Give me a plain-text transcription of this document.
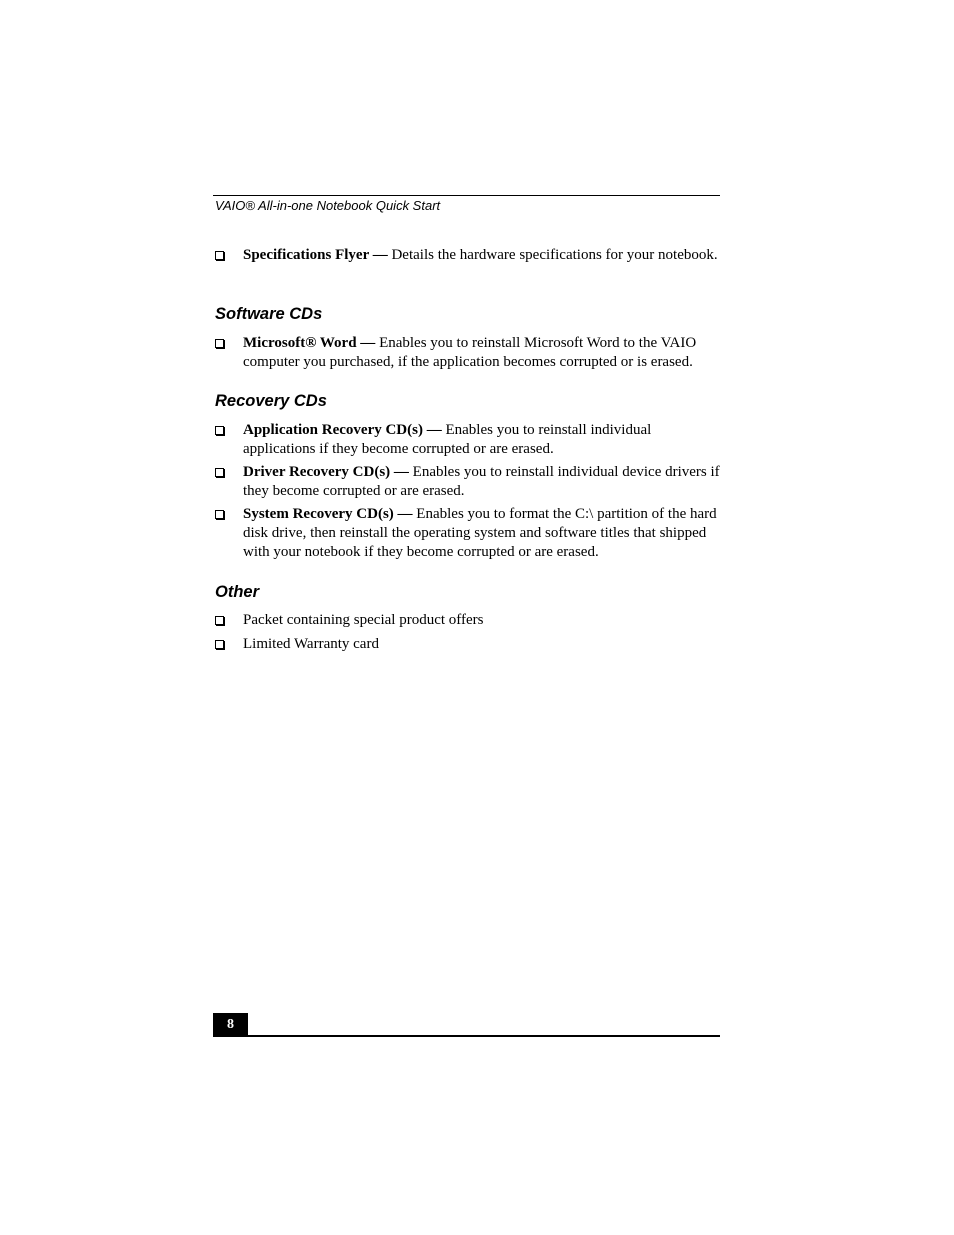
VAIO® All-in-one Notebook Quick Start
Specifications Flyer — Details the hardware specifications for your notebook.
Software CDs
Microsoft® Word — Enables you to reinstall Microsoft Word to the VAIO computer you purchased, if the application becomes corrupted or is erased.
Recovery CDs
Application Recovery CD(s) — Enables you to reinstall individual applications if they become corrupted or are erased.
Driver Recovery CD(s) — Enables you to reinstall individual device drivers if they become corrupted or are erased.
System Recovery CD(s) — Enables you to format the C:\ partition of the hard disk drive, then reinstall the operating system and software titles that shipped with your notebook if they become corrupted or are erased.
Other
Packet containing special product offers
Limited Warranty card
8
